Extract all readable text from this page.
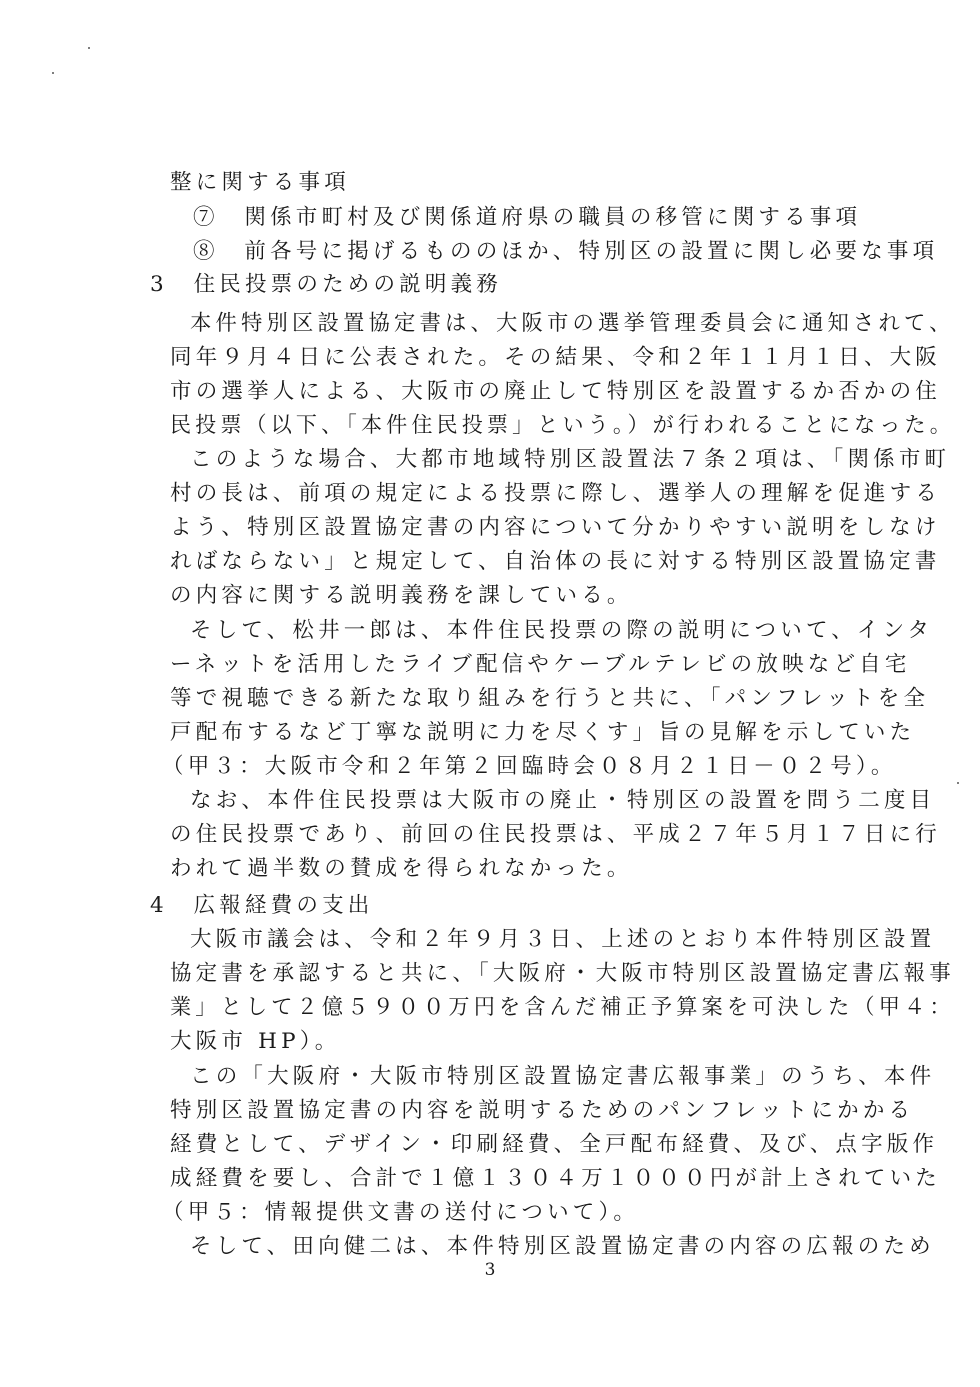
整に関する事項
⑦　関係市町村及び関係道府県の職員の移管に関する事項
⑧　前各号に掲げるもののほか、特別区の設置に関し必要な事項
3　住民投票のための説明義務
本件特別区設置協定書は、大阪市の選挙管理委員会に通知されて、
同年９月４日に公表された。その結果、令和２年１１月１日、大阪
市の選挙人による、大阪市の廃止して特別区を設置するか否かの住
民投票（以下、「本件住民投票」という。）が行われることになった。
このような場合、大都市地域特別区設置法７条２項は、「関係市町
村の長は、前項の規定による投票に際し、選挙人の理解を促進する
よう、特別区設置協定書の内容について分かりやすい説明をしなけ
ればならない」と規定して、自治体の長に対する特別区設置協定書
の内容に関する説明義務を課している。
そして、松井一郎は、本件住民投票の際の説明について、インタ
ーネットを活用したライブ配信やケーブルテレビの放映など自宅
等で視聴できる新たな取り組みを行うと共に、「パンフレットを全
戸配布するなど丁寧な説明に力を尽くす」旨の見解を示していた
（甲３：大阪市令和２年第２回臨時会０８月２１日－０２号）。
なお、本件住民投票は大阪市の廃止・特別区の設置を問う二度目
の住民投票であり、前回の住民投票は、平成２７年５月１７日に行
われて過半数の賛成を得られなかった。
4　広報経費の支出
大阪市議会は、令和２年９月３日、上述のとおり本件特別区設置
協定書を承認すると共に、「大阪府・大阪市特別区設置協定書広報事
業」として２億５９００万円を含んだ補正予算案を可決した（甲４：
大阪市 HP）。
この「大阪府・大阪市特別区設置協定書広報事業」のうち、本件
特別区設置協定書の内容を説明するためのパンフレットにかかる
経費として、デザイン・印刷経費、全戸配布経費、及び、点字版作
成経費を要し、合計で１億１３０４万１０００円が計上されていた
（甲５：情報提供文書の送付について）。
そして、田向健二は、本件特別区設置協定書の内容の広報のため
3
